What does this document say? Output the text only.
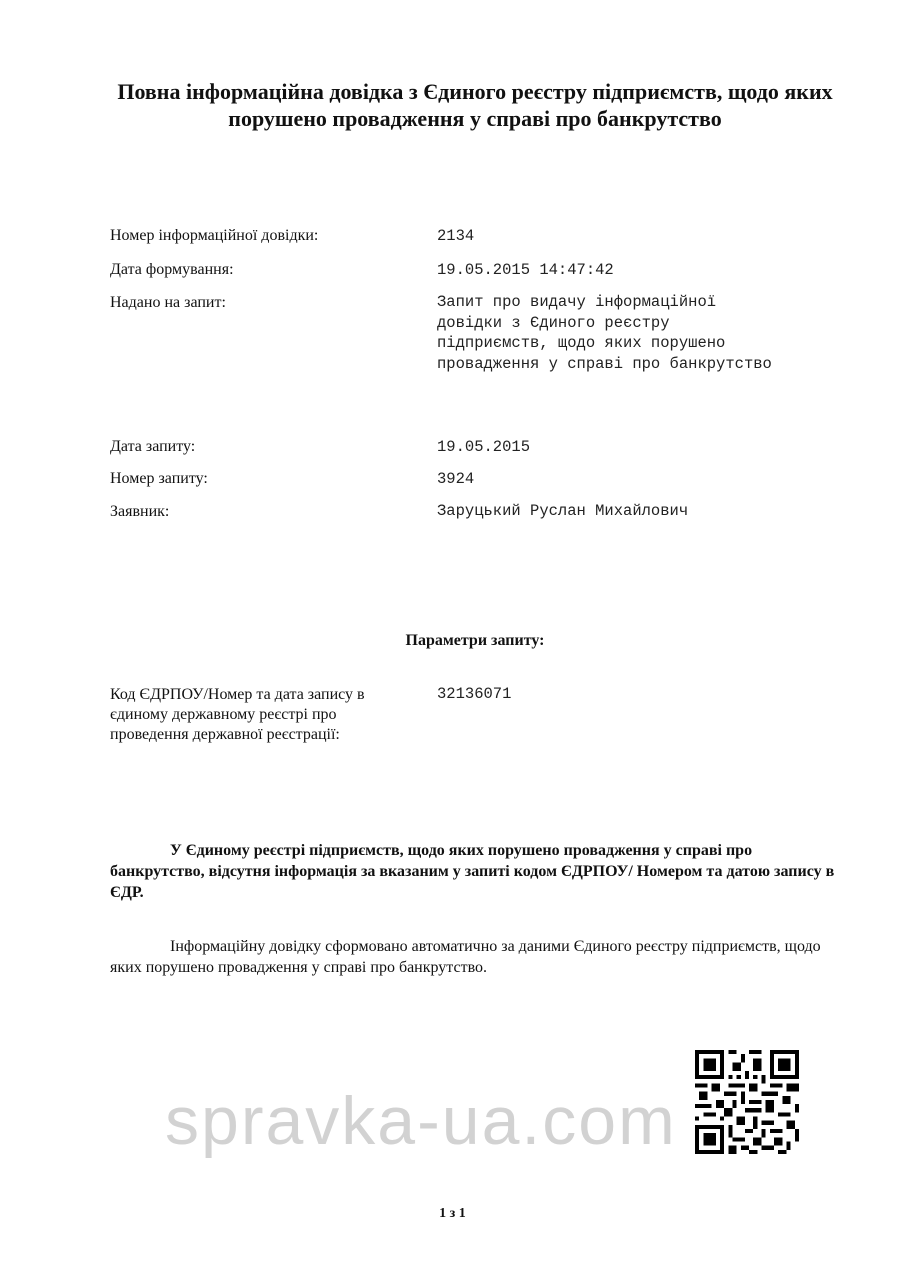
Повна інформаційна довідка з Єдиного реєстру підприємств, щодо яких порушено провадження у справі про банкрутство
Номер інформаційної довідки:	2134
Дата формування:	19.05.2015 14:47:42
Надано на запит:	Запит про видачу інформаційної
довідки з Єдиного реєстру
підприємств, щодо яких порушено
провадження у справі про банкрутство
Дата запиту:	19.05.2015
Номер запиту:	3924
Заявник:	Заруцький Руслан Михайлович
Параметри запиту:
Код ЄДРПОУ/Номер та дата запису в
єдиному державному реєстрі про
проведення державної реєстрації:
32136071
У Єдиному реєстрі підприємств, щодо яких порушено провадження у справі про банкрутство, відсутня інформація за вказаним у запиті кодом ЄДРПОУ/ Номером та датою запису в ЄДР.
Інформаційну довідку сформовано автоматично за даними Єдиного реєстру підприємств, щодо яких порушено провадження у справі про банкрутство.
spravka-ua.com
1 з 1
